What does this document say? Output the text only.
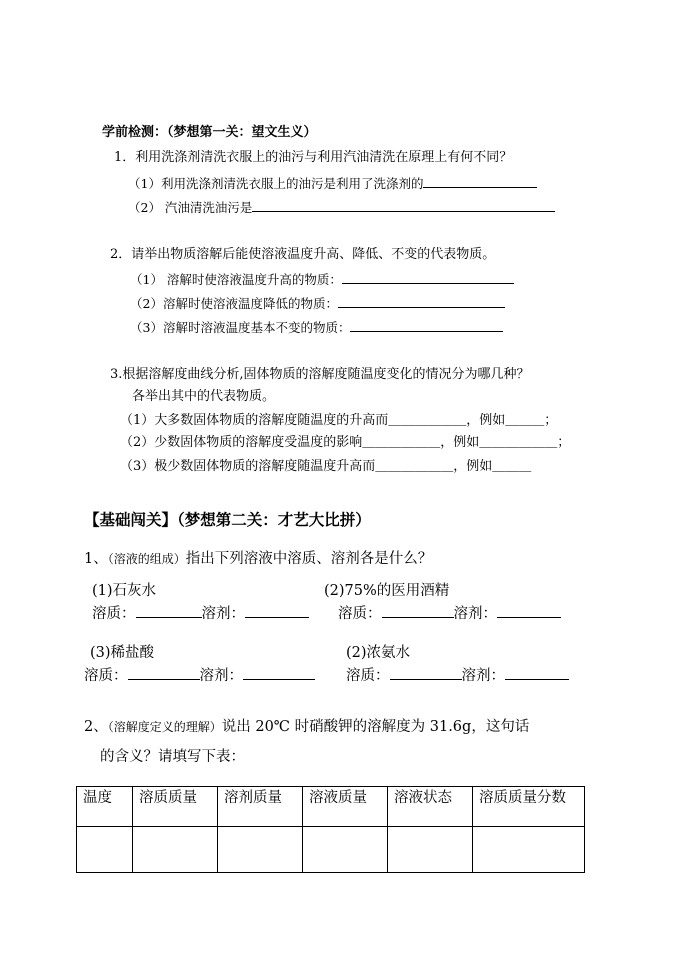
学前检测：（梦想第一关：望文生义）
1．利用洗涤剂清洗衣服上的油污与利用汽油清洗在原理上有何不同？
（1）利用洗涤剂清洗衣服上的油污是利用了洗涤剂的
（2） 汽油清洗油污是
2．请举出物质溶解后能使溶液温度升高、降低、不变的代表物质。
（1） 溶解时使溶液温度升高的物质：
（2）溶解时使溶液温度降低的物质：
（3）溶解时溶液温度基本不变的物质：
3.根据溶解度曲线分析,固体物质的溶解度随温度变化的情况分为哪几种？
各举出其中的代表物质。
（1）大多数固体物质的溶解度随温度的升高而＿＿＿＿＿＿，例如＿＿＿；
（2）少数固体物质的溶解度受温度的影响＿＿＿＿＿＿，例如＿＿＿＿＿＿；
（3）极少数固体物质的溶解度随温度升高而＿＿＿＿＿＿，例如＿＿＿
【基础闯关】（梦想第二关：才艺大比拼）
1、（溶液的组成）指出下列溶液中溶质、溶剂各是什么？
(1)石灰水	(2)75%的医用酒精
溶质：	溶剂：	溶质：	溶剂：
(3)稀盐酸	(2)浓氨水
溶质：	溶剂：	溶质：	溶剂：
2、（溶解度定义的理解）说出 20℃ 时硝酸钾的溶解度为 31.6g，这句话
的含义？请填写下表：
温度	溶质质量	溶剂质量	溶液质量	溶液状态	溶质质量分数
